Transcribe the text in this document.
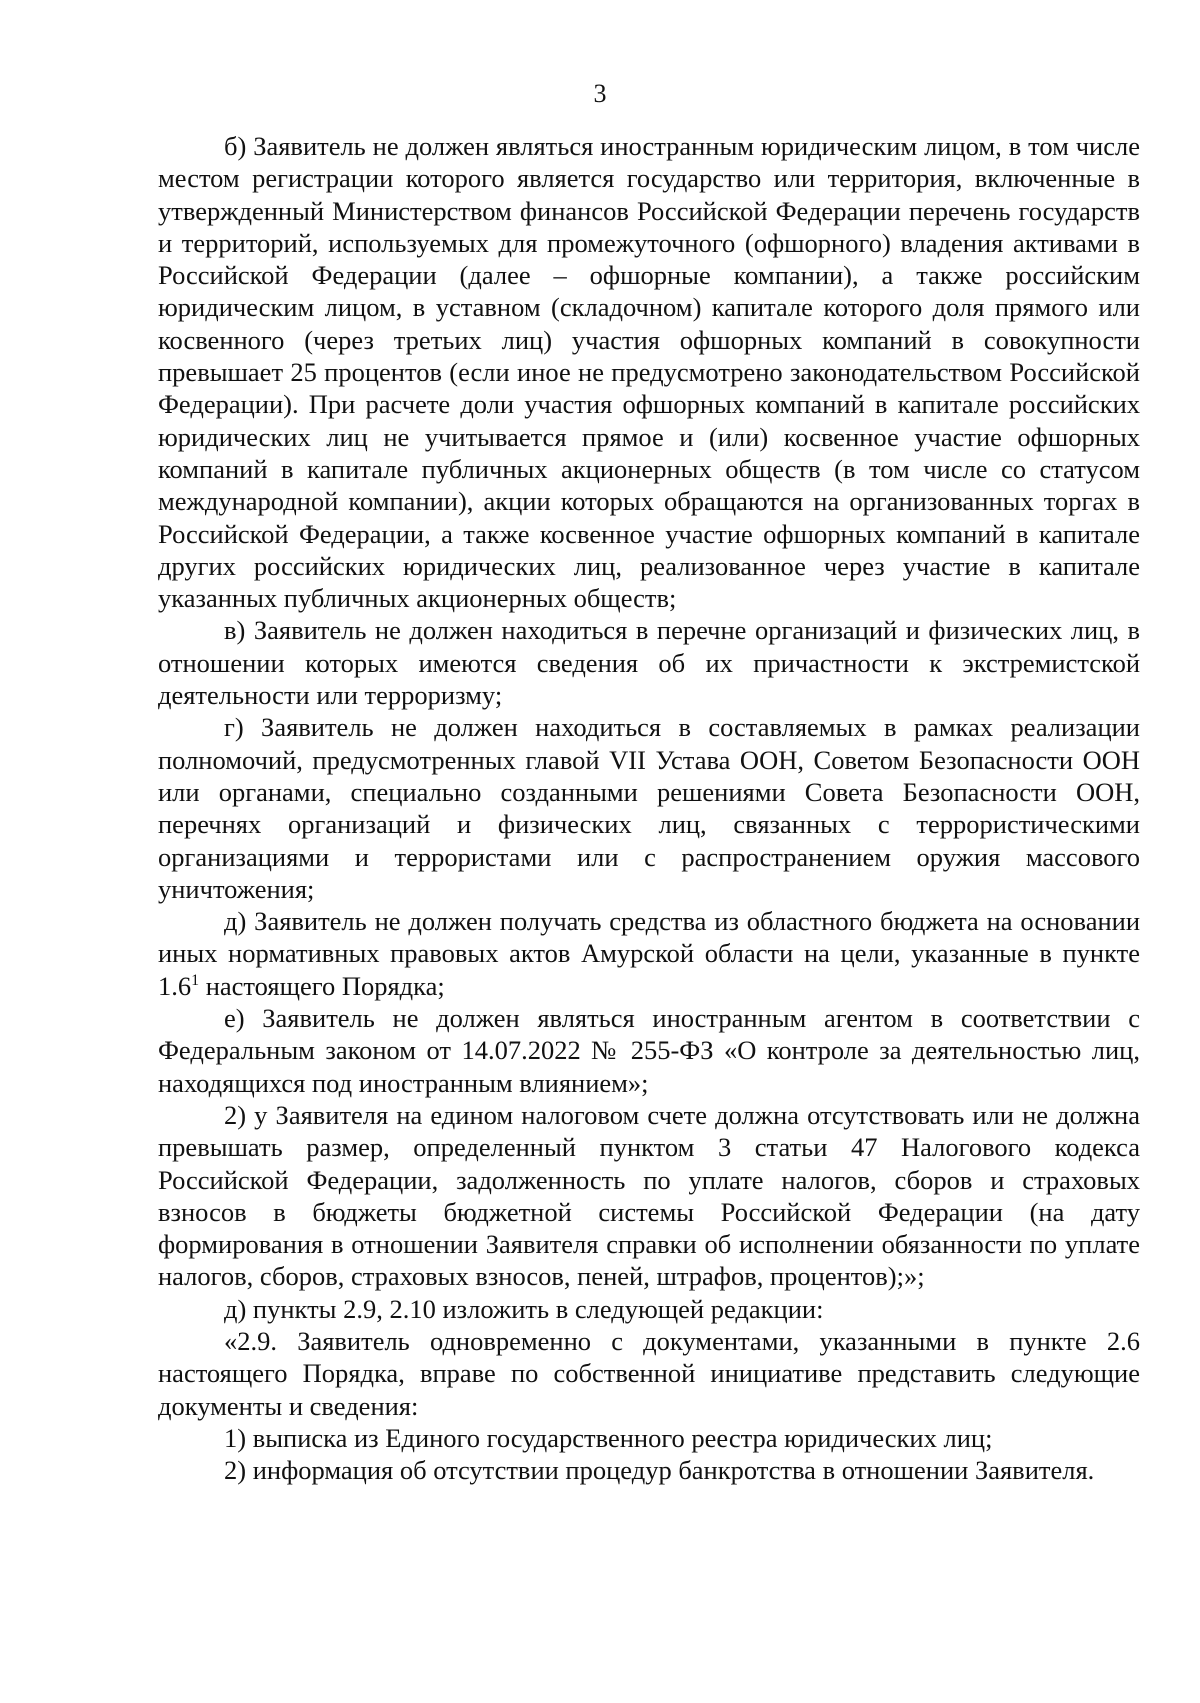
3

б) Заявитель не должен являться иностранным юридическим лицом, в том числе местом регистрации которого является государство или территория, включенные в утвержденный Министерством финансов Российской Федерации перечень государств и территорий, используемых для промежуточного (офшорного) владения активами в Российской Федерации (далее – офшорные компании), а также российским юридическим лицом, в уставном (складочном) капитале которого доля прямого или косвенного (через третьих лиц) участия офшорных компаний в совокупности превышает 25 процентов (если иное не предусмотрено законодательством Российской Федерации). При расчете доли участия офшорных компаний в капитале российских юридических лиц не учитывается прямое и (или) косвенное участие офшорных компаний в капитале публичных акционерных обществ (в том числе со статусом международной компании), акции которых обращаются на организованных торгах в Российской Федерации, а также косвенное участие офшорных компаний в капитале других российских юридических лиц, реализованное через участие в капитале указанных публичных акционерных обществ;

в) Заявитель не должен находиться в перечне организаций и физических лиц, в отношении которых имеются сведения об их причастности к экстремистской деятельности или терроризму;

г) Заявитель не должен находиться в составляемых в рамках реализации полномочий, предусмотренных главой VII Устава ООН, Советом Безопасности ООН или органами, специально созданными решениями Совета Безопасности ООН, перечнях организаций и физических лиц, связанных с террористическими организациями и террористами или с распространением оружия массового уничтожения;

д) Заявитель не должен получать средства из областного бюджета на основании иных нормативных правовых актов Амурской области на цели, указанные в пункте $1.6^1$ настоящего Порядка;

е) Заявитель не должен являться иностранным агентом в соответствии с Федеральным законом от 14.07.2022 № 255-ФЗ «О контроле за деятельностью лиц, находящихся под иностранным влиянием»;

2) у Заявителя на едином налоговом счете должна отсутствовать или не должна превышать размер, определенный пунктом 3 статьи 47 Налогового кодекса Российской Федерации, задолженность по уплате налогов, сборов и страховых взносов в бюджеты бюджетной системы Российской Федерации (на дату формирования в отношении Заявителя справки об исполнении обязанности по уплате налогов, сборов, страховых взносов, пеней, штрафов, процентов);»;

д) пункты 2.9, 2.10 изложить в следующей редакции:

«2.9. Заявитель одновременно с документами, указанными в пункте 2.6 настоящего Порядка, вправе по собственной инициативе представить следующие документы и сведения:

1) выписка из Единого государственного реестра юридических лиц;

2) информация об отсутствии процедур банкротства в отношении Заявителя.
